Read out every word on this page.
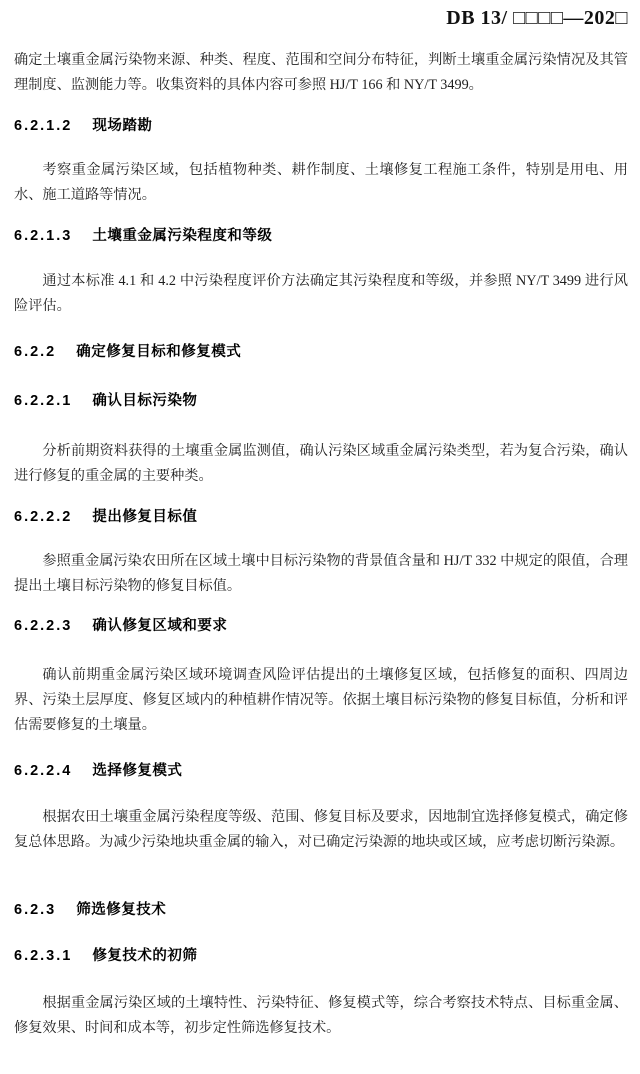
DB 13/ □□□□—202□

确定土壤重金属污染物来源、种类、程度、范围和空间分布特征，判断土壤重金属污染情况及其管理制度、监测能力等。收集资料的具体内容可参照 HJ/T 166 和 NY/T 3499。

6.2.1.2 现场踏勘

考察重金属污染区域，包括植物种类、耕作制度、土壤修复工程施工条件，特别是用电、用水、施工道路等情况。

6.2.1.3 土壤重金属污染程度和等级

通过本标准 4.1 和 4.2 中污染程度评价方法确定其污染程度和等级，并参照 NY/T 3499 进行风险评估。

6.2.2 确定修复目标和修复模式
6.2.2.1 确认目标污染物

分析前期资料获得的土壤重金属监测值，确认污染区域重金属污染类型，若为复合污染，确认进行修复的重金属的主要种类。

6.2.2.2 提出修复目标值

参照重金属污染农田所在区域土壤中目标污染物的背景值含量和 HJ/T 332 中规定的限值，合理提出土壤目标污染物的修复目标值。

6.2.2.3 确认修复区域和要求

确认前期重金属污染区域环境调查风险评估提出的土壤修复区域，包括修复的面积、四周边界、污染土层厚度、修复区域内的种植耕作情况等。依据土壤目标污染物的修复目标值，分析和评估需要修复的土壤量。

6.2.2.4 选择修复模式

根据农田土壤重金属污染程度等级、范围、修复目标及要求，因地制宜选择修复模式，确定修复总体思路。为减少污染地块重金属的输入，对已确定污染源的地块或区域，应考虑切断污染源。

6.2.3 筛选修复技术
6.2.3.1 修复技术的初筛

根据重金属污染区域的土壤特性、污染特征、修复模式等，综合考察技术特点、目标重金属、修复效果、时间和成本等，初步定性筛选修复技术。
